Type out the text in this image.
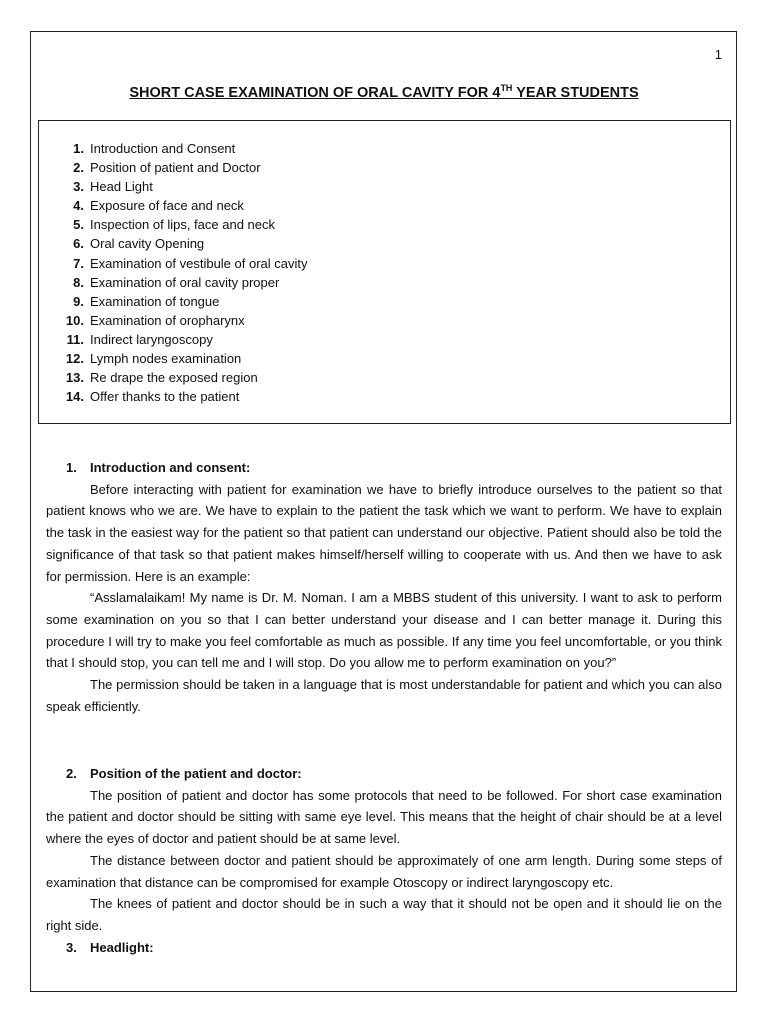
1
SHORT CASE EXAMINATION OF ORAL CAVITY FOR 4TH YEAR STUDENTS
1. Introduction and Consent
2. Position of patient and Doctor
3. Head Light
4. Exposure of face and neck
5. Inspection of lips, face and neck
6. Oral cavity Opening
7. Examination of vestibule of oral cavity
8. Examination of oral cavity proper
9. Examination of tongue
10. Examination of oropharynx
11. Indirect laryngoscopy
12. Lymph nodes examination
13. Re drape the exposed region
14. Offer thanks to the patient
1. Introduction and consent:

Before interacting with patient for examination we have to briefly introduce ourselves to the patient so that patient knows who we are. We have to explain to the patient the task which we want to perform. We have to explain the task in the easiest way for the patient so that patient can understand our objective. Patient should also be told the significance of that task so that patient makes himself/herself willing to cooperate with us. And then we have to ask for permission. Here is an example:

“Asslamalaikam! My name is Dr. M. Noman. I am a MBBS student of this university. I want to ask to perform some examination on you so that I can better understand your disease and I can better manage it. During this procedure I will try to make you feel comfortable as much as possible. If any time you feel uncomfortable, or you think that I should stop, you can tell me and I will stop. Do you allow me to perform examination on you?”

The permission should be taken in a language that is most understandable for patient and which you can also speak efficiently.

2. Position of the patient and doctor:

The position of patient and doctor has some protocols that need to be followed. For short case examination the patient and doctor should be sitting with same eye level. This means that the height of chair should be at a level where the eyes of doctor and patient should be at same level.

The distance between doctor and patient should be approximately of one arm length. During some steps of examination that distance can be compromised for example Otoscopy or indirect laryngoscopy etc.

The knees of patient and doctor should be in such a way that it should not be open and it should lie on the right side.

3. Headlight:
